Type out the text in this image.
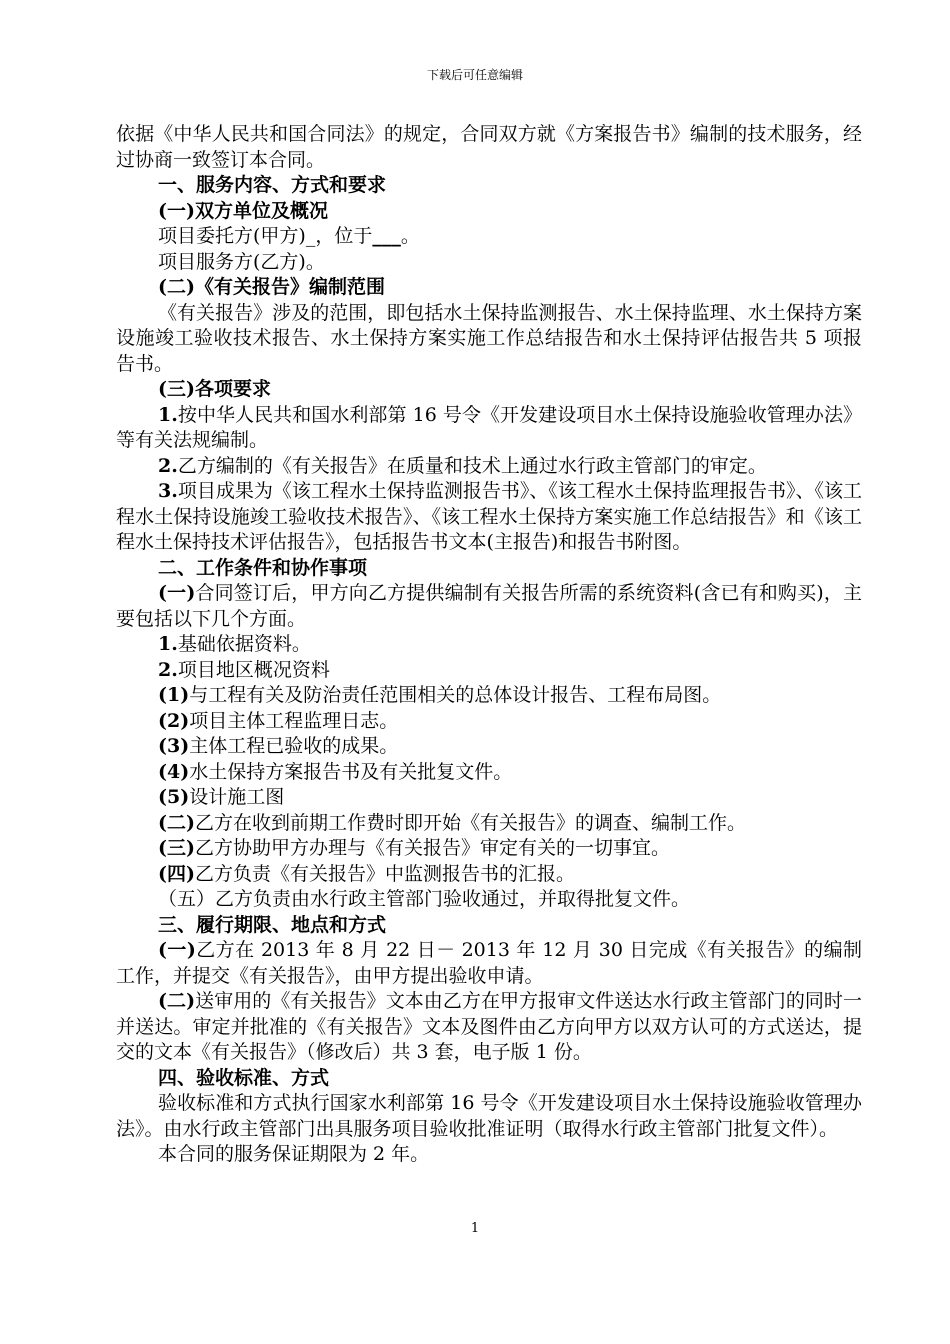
下载后可任意编辑

依据《中华人民共和国合同法》的规定，合同双方就《方案报告书》编制的技术服务，经过协商一致签订本合同。

一、服务内容、方式和要求

(一)双方单位及概况

项目委托方(甲方)_，位于___。

项目服务方(乙方)。

(二)《有关报告》编制范围

《有关报告》涉及的范围，即包括水土保持监测报告、水土保持监理、水土保持方案设施竣工验收技术报告、水土保持方案实施工作总结报告和水土保持评估报告共 5 项报告书。

(三)各项要求

1.按中华人民共和国水利部第 16 号令《开发建设项目水土保持设施验收管理办法》等有关法规编制。

2.乙方编制的《有关报告》在质量和技术上通过水行政主管部门的审定。

3.项目成果为《该工程水土保持监测报告书》、《该工程水土保持监理报告书》、《该工程水土保持设施竣工验收技术报告》、《该工程水土保持方案实施工作总结报告》和《该工程水土保持技术评估报告》，包括报告书文本(主报告)和报告书附图。

二、工作条件和协作事项

(一)合同签订后，甲方向乙方提供编制有关报告所需的系统资料(含已有和购买)，主要包括以下几个方面。

1.基础依据资料。

2.项目地区概况资料

(1)与工程有关及防治责任范围相关的总体设计报告、工程布局图。

(2)项目主体工程监理日志。

(3)主体工程已验收的成果。

(4)水土保持方案报告书及有关批复文件。

(5)设计施工图

(二)乙方在收到前期工作费时即开始《有关报告》的调查、编制工作。

(三)乙方协助甲方办理与《有关报告》审定有关的一切事宜。

(四)乙方负责《有关报告》中监测报告书的汇报。

（五）乙方负责由水行政主管部门验收通过，并取得批复文件。

三、履行期限、地点和方式

(一)乙方在 2013 年 8 月 22 日－ 2013 年 12 月 30 日完成《有关报告》的编制工作，并提交《有关报告》，由甲方提出验收申请。

(二)送审用的《有关报告》文本由乙方在甲方报审文件送达水行政主管部门的同时一并送达。审定并批准的《有关报告》文本及图件由乙方向甲方以双方认可的方式送达，提交的文本《有关报告》（修改后）共 3 套，电子版 1 份。

四、验收标准、方式

验收标准和方式执行国家水利部第 16 号令《开发建设项目水土保持设施验收管理办法》。由水行政主管部门出具服务项目验收批准证明（取得水行政主管部门批复文件）。

本合同的服务保证期限为 2 年。

1
